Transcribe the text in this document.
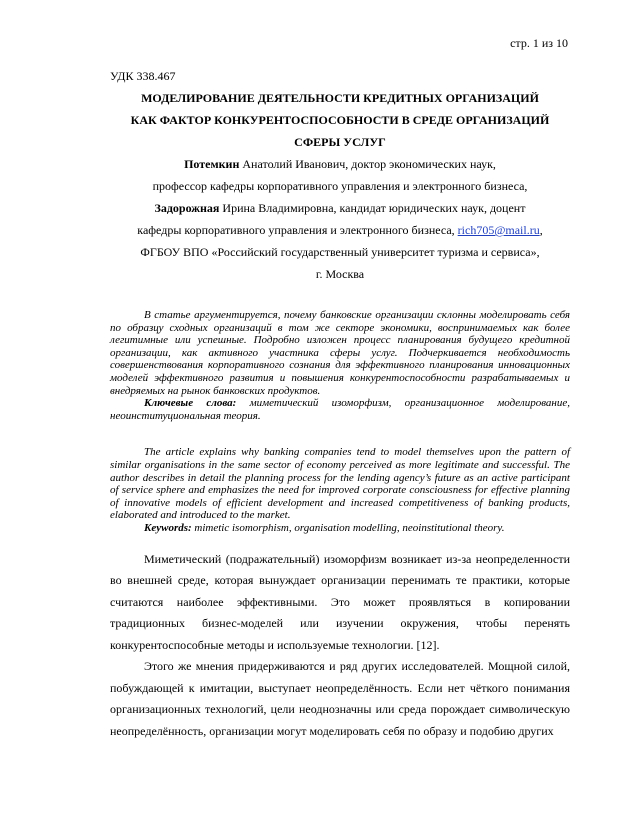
стр. 1 из 10
УДК 338.467

МОДЕЛИРОВАНИЕ ДЕЯТЕЛЬНОСТИ КРЕДИТНЫХ ОРГАНИЗАЦИЙ

КАК ФАКТОР КОНКУРЕНТОСПОСОБНОСТИ В СРЕДЕ ОРГАНИЗАЦИЙ

СФЕРЫ УСЛУГ

Потемкин Анатолий Иванович, доктор экономических наук,

профессор кафедры корпоративного управления и электронного бизнеса,

Задорожная Ирина Владимировна, кандидат юридических наук, доцент

кафедры корпоративного управления и электронного бизнеса, rich705@mail.ru,

ФГБОУ ВПО «Российский государственный университет туризма и сервиса»,

г. Москва

В статье аргументируется, почему банковские организации склонны моделировать себя по образцу сходных организаций в том же секторе экономики, воспринимаемых как более легитимные или успешные. Подробно изложен процесс планирования будущего кредитной организации, как активного участника сферы услуг. Подчеркивается необходимость совершенствования корпоративного сознания для эффективного планирования инновационных моделей эффективного развития и повышения конкурентоспособности разрабатываемых и внедряемых на рынок банковских продуктов.

Ключевые слова: миметический изоморфизм, организационное моделирование, неоинституциональная теория.

The article explains why banking companies tend to model themselves upon the pattern of similar organisations in the same sector of economy perceived as more legitimate and successful. The author describes in detail the planning process for the lending agency’s future as an active participant of service sphere and emphasizes the need for improved corporate consciousness for effective planning of innovative models of efficient development and increased competitiveness of banking products, elaborated and introduced to the market.

Keywords: mimetic isomorphism, organisation modelling, neoinstitutional theory.

Миметический (подражательный) изоморфизм возникает из-за неопределенности во внешней среде, которая вынуждает организации перенимать те практики, которые считаются наиболее эффективными. Это может проявляться в копировании традиционных бизнес-моделей или изучении окружения, чтобы перенять конкурентоспособные методы и используемые технологии. [12].

Этого же мнения придерживаются и ряд других исследователей. Мощной силой, побуждающей к имитации, выступает неопределённость. Если нет чёткого понимания организационных технологий, цели неоднозначны или среда порождает символическую неопределённость, организации могут моделировать себя по образу и подобию других
